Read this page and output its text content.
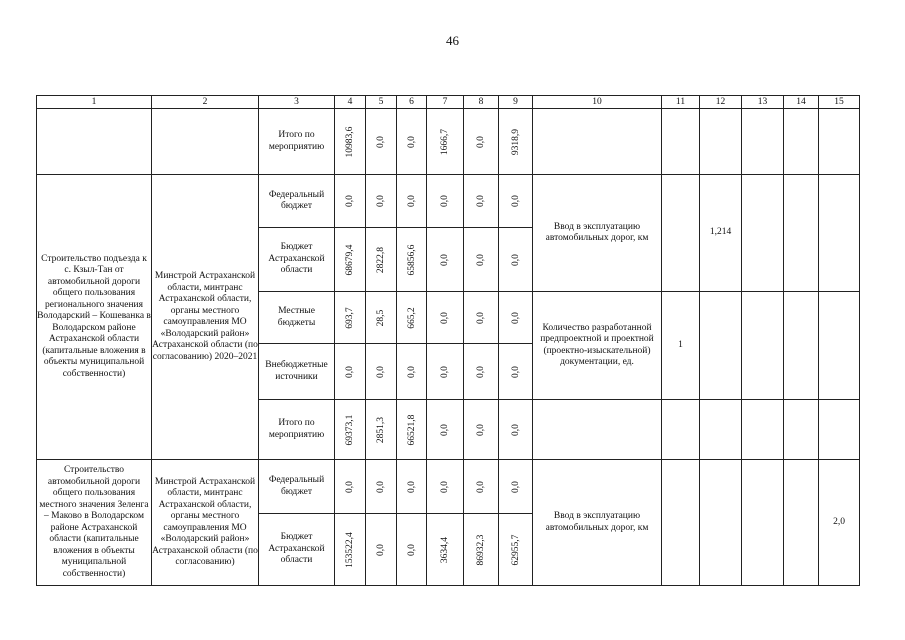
46
1	2	3	4	5	6	7	8	9	10	11	12	13	14	15
		Итого по мероприятию	10983,6	0,0	0,0	1666,7	0,0	9318,9						

Строительство подъезда к с. Кзыл-Тан от автомобильной дороги общего пользования регионального значения Володарский – Кошеванка в Володарском районе Астраханской области (капитальные вложения в объекты муниципальной собственности)	Минстрой Астраханской области, минтранс Астраханской области, органы местного самоуправления МО «Володарский район» Астраханской области (по согласованию) 2020–2021	Федеральный бюджет	0,0	0,0	0,0	0,0	0,0	0,0	Ввод в эксплуатацию автомобильных дорог, км		1,214			
		Бюджет Астраханской области	68679,4	2822,8	65856,6	0,0	0,0	0,0						

		Местные бюджеты	693,7	28,5	665,2	0,0	0,0	0,0	Количество разработанной предпроектной и проектной (проектно-изыскательной) документации, ед.	1				
		Внебюджетные источники	0,0	0,0	0,0	0,0	0,0	0,0						

		Итого по мероприятию	69373,1	2851,3	66521,8	0,0	0,0	0,0						

Строительство автомобильной дороги общего пользования местного значения Зеленга – Маково в Володарском районе Астраханской области (капитальные вложения в объекты муниципальной собственности)	Минстрой Астраханской области, минтранс Астраханской области, органы местного самоуправления МО «Володарский район» Астраханской области (по согласованию)	Федеральный бюджет	0,0	0,0	0,0	0,0	0,0	0,0	Ввод в эксплуатацию автомобильных дорог, км					2,0
		Бюджет Астраханской области	153522,4	0,0	0,0	3634,4	86932,3	62955,7						
